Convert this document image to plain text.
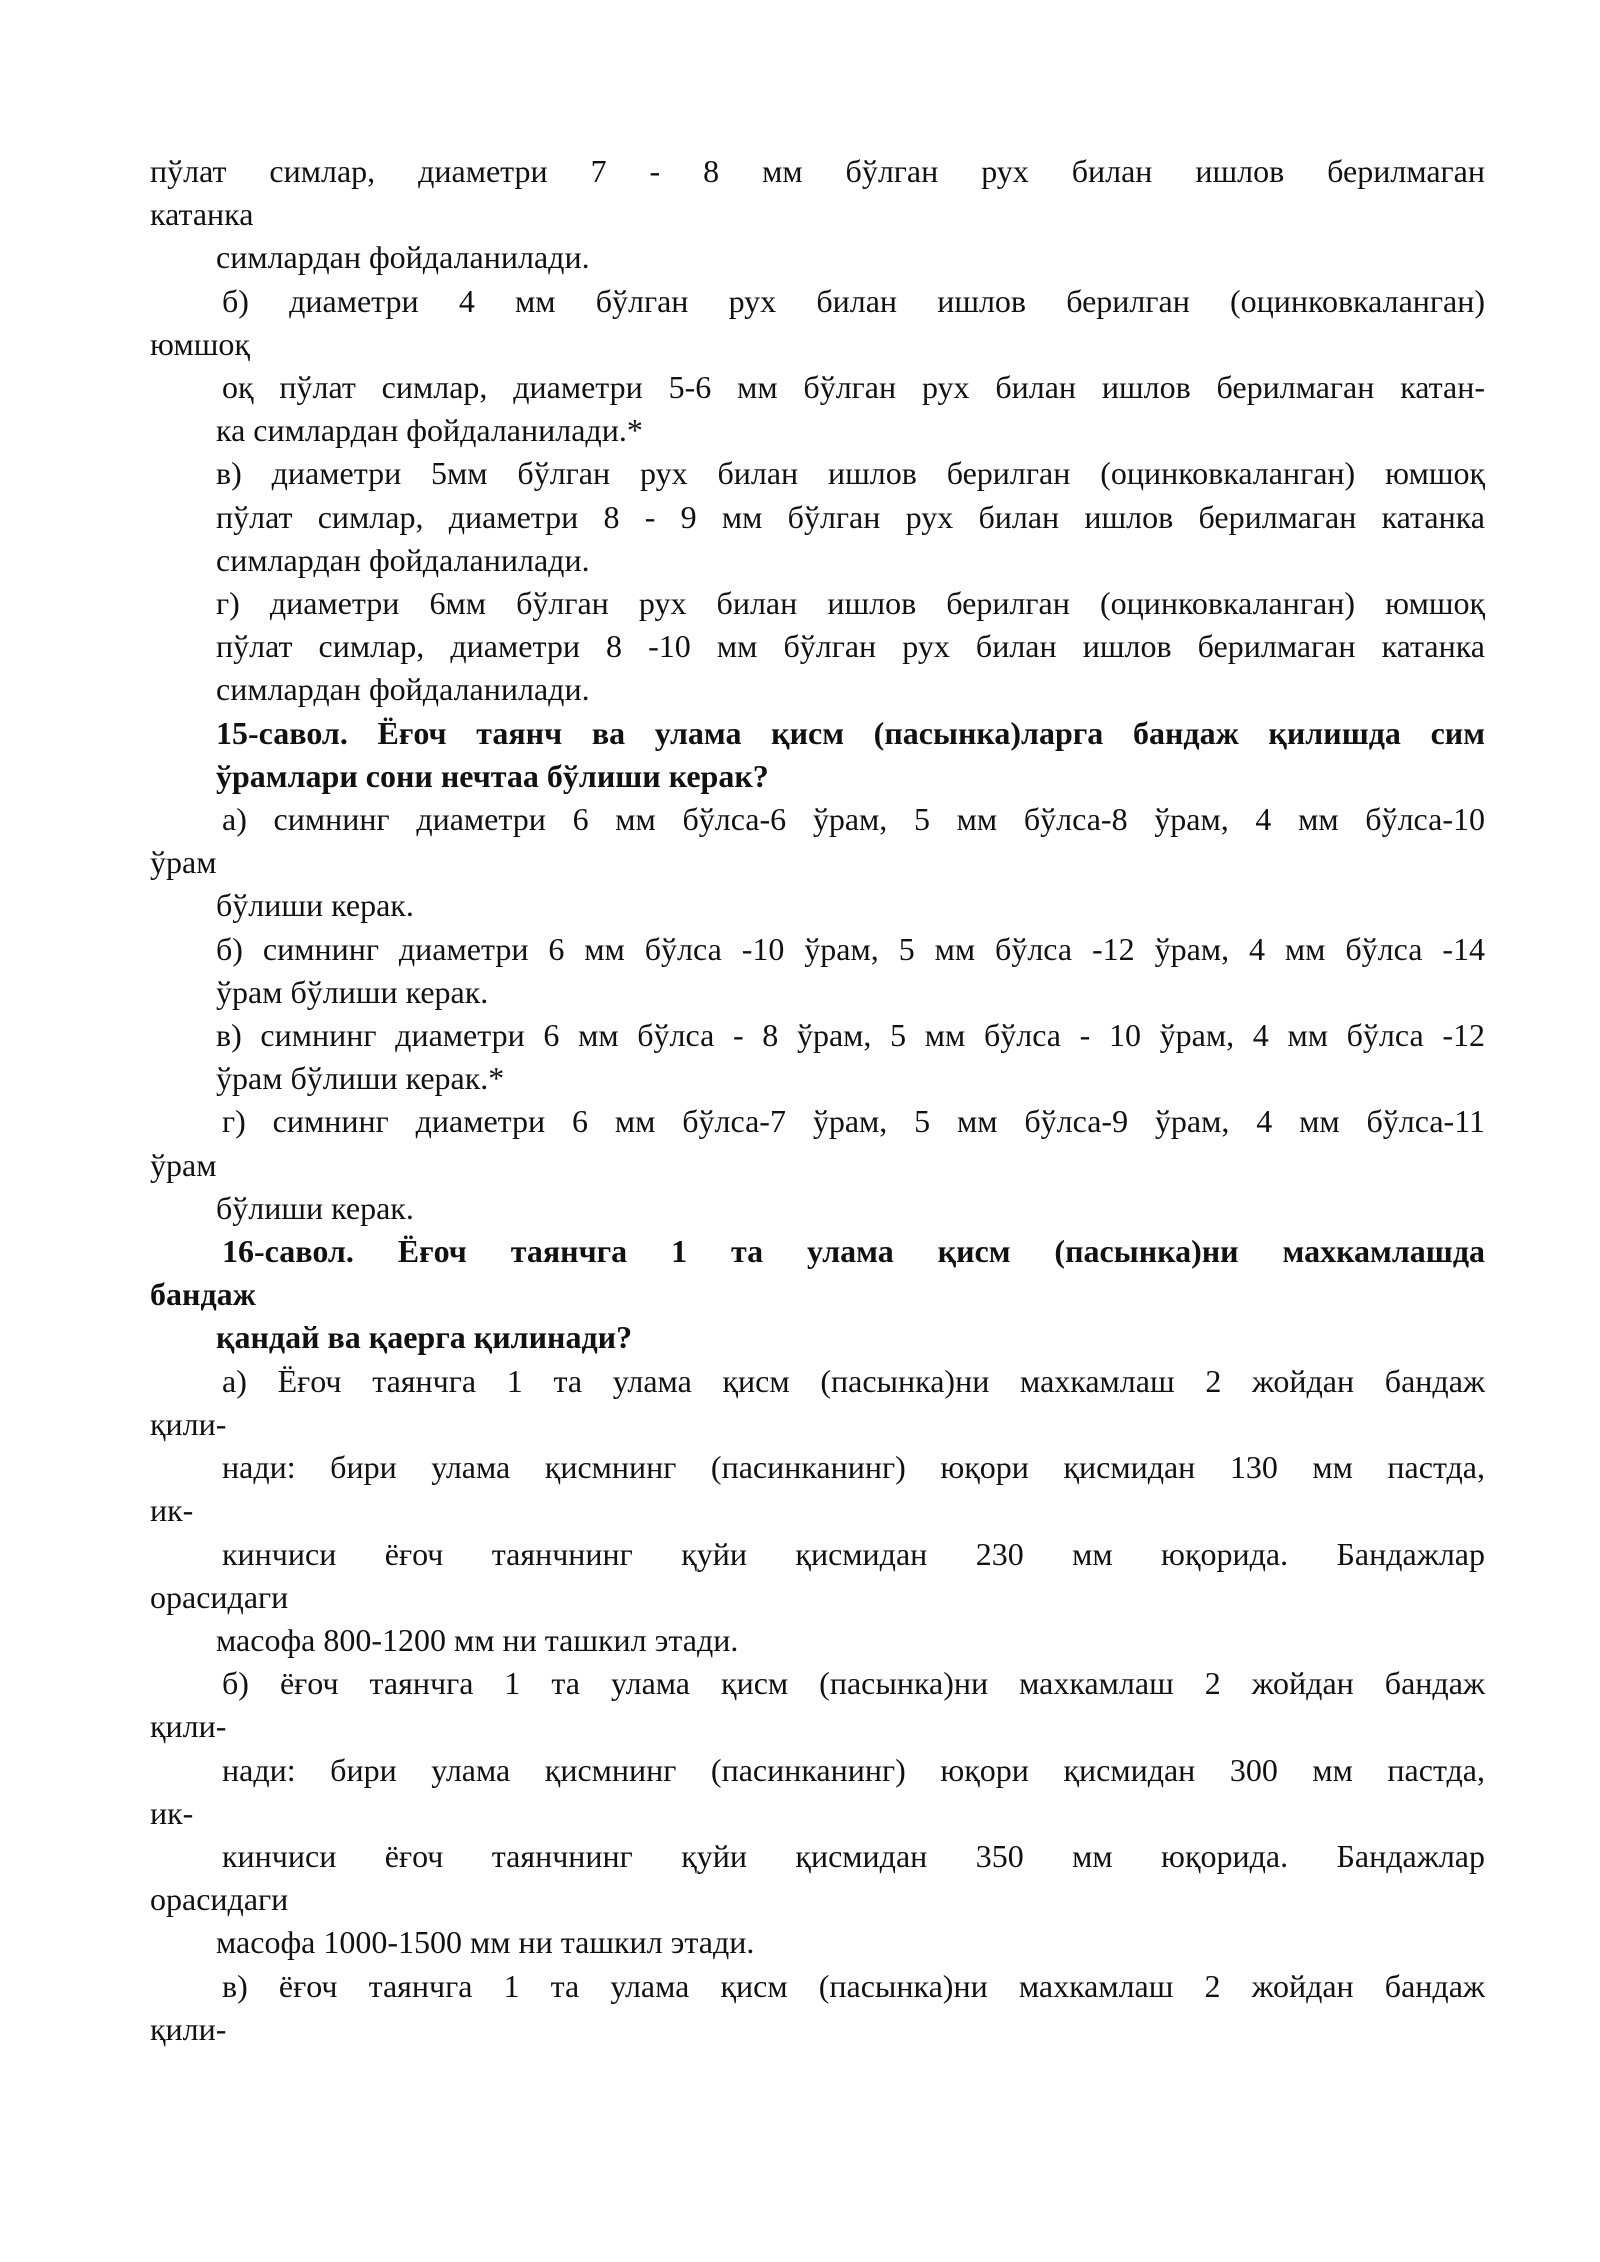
пўлат симлар, диаметри 7 - 8 мм бўлган рух билан ишлов берилмаган

катанка

симлардан фойдаланилади.

б) диаметри 4 мм бўлган рух билан ишлов берилган (оцинковкаланган)

юмшоқ

оқ пўлат симлар, диаметри 5-6 мм бўлган рух билан ишлов берилмаган катан-

ка симлардан фойдаланилади.*

в) диаметри 5мм бўлган рух билан ишлов берилган (оцинковкаланган) юмшоқ

пўлат симлар, диаметри 8 - 9 мм бўлган рух билан ишлов берилмаган катанка

симлардан фойдаланилади.

г) диаметри 6мм бўлган рух билан ишлов берилган (оцинковкаланган) юмшоқ

пўлат симлар, диаметри 8 -10 мм бўлган рух билан ишлов берилмаган катанка

симлардан фойдаланилади.

15-савол. Ёғоч таянч ва улама қисм (пасынка)ларга бандаж қилишда сим

ўрамлари сони нечтаа бўлиши керак?

а) симнинг диаметри 6 мм бўлса-6 ўрам, 5 мм бўлса-8 ўрам, 4 мм бўлса-10

ўрам

бўлиши керак.

б) симнинг диаметри 6 мм бўлса -10 ўрам, 5 мм бўлса -12 ўрам, 4 мм бўлса -14

ўрам бўлиши керак.

в) симнинг диаметри 6 мм бўлса - 8 ўрам, 5 мм бўлса - 10 ўрам, 4 мм бўлса -12

ўрам бўлиши керак.*

г) симнинг диаметри 6 мм бўлса-7 ўрам, 5 мм бўлса-9 ўрам, 4 мм бўлса-11

ўрам

бўлиши керак.

16-савол. Ёғоч таянчга 1 та улама қисм (пасынка)ни махкамлашда

бандаж

қандай ва қаерга қилинади?

а) Ёғоч таянчга 1 та улама қисм (пасынка)ни махкамлаш 2 жойдан бандаж

қили-

нади: бири улама қисмнинг (пасинканинг) юқори қисмидан 130 мм пастда,

ик-

кинчиси ёғоч таянчнинг қуйи қисмидан 230 мм юқорида. Бандажлар

орасидаги

масофа 800-1200 мм ни ташкил этади.

б) ёғоч таянчга 1 та улама қисм (пасынка)ни махкамлаш 2 жойдан бандаж

қили-

нади: бири улама қисмнинг (пасинканинг) юқори қисмидан 300 мм пастда,

ик-

кинчиси ёғоч таянчнинг қуйи қисмидан 350 мм юқорида. Бандажлар

орасидаги

масофа 1000-1500 мм ни ташкил этади.

в) ёғоч таянчга 1 та улама қисм (пасынка)ни махкамлаш 2 жойдан бандаж

қили-
